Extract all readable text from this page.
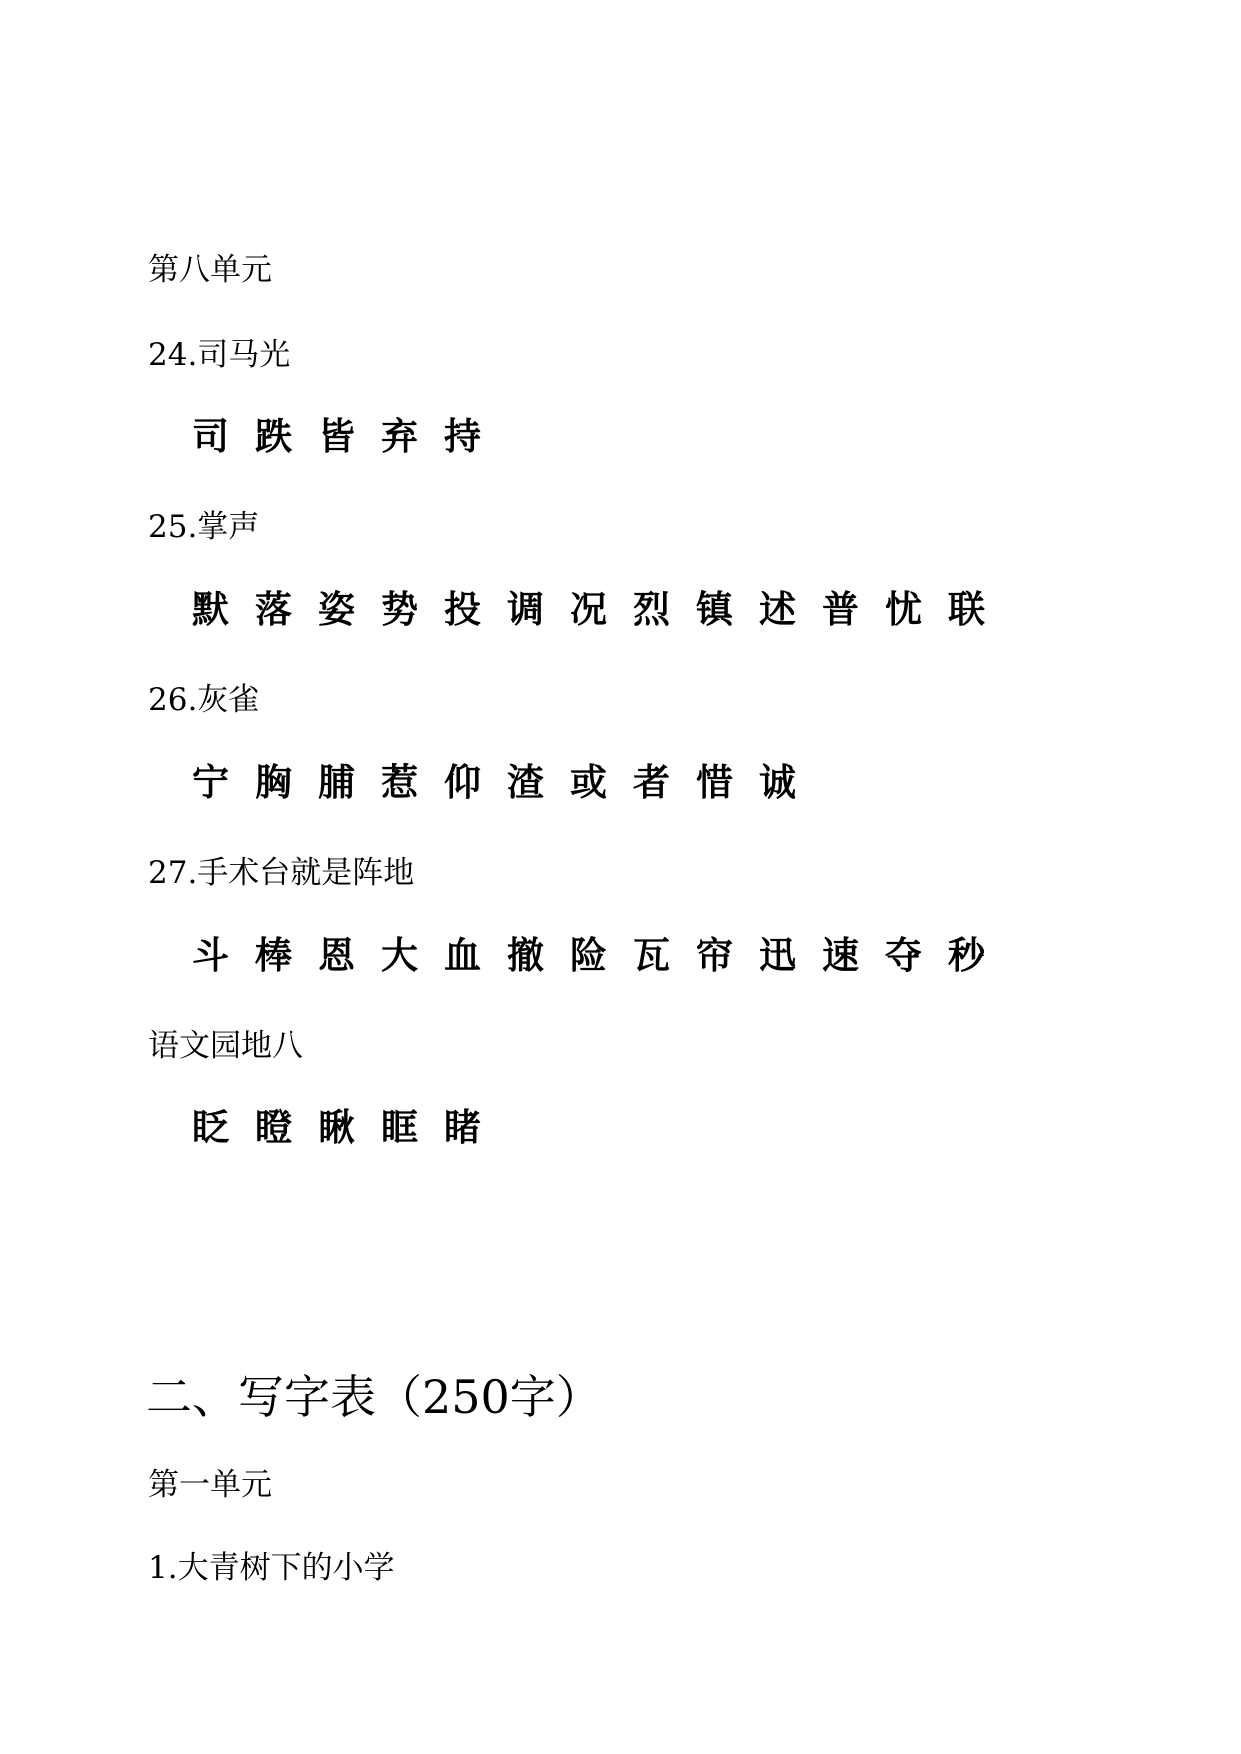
第八单元
24.司马光
司跌皆弃持
25.掌声
默落姿势投调况烈镇述普忧联
26.灰雀
宁胸脯惹仰渣或者惜诚
27.手术台就是阵地
斗棒恩大血撤险瓦帘迅速夺秒
语文园地八
眨瞪瞅眶睹
二、写字表（250字）
第一单元
1.大青树下的小学
